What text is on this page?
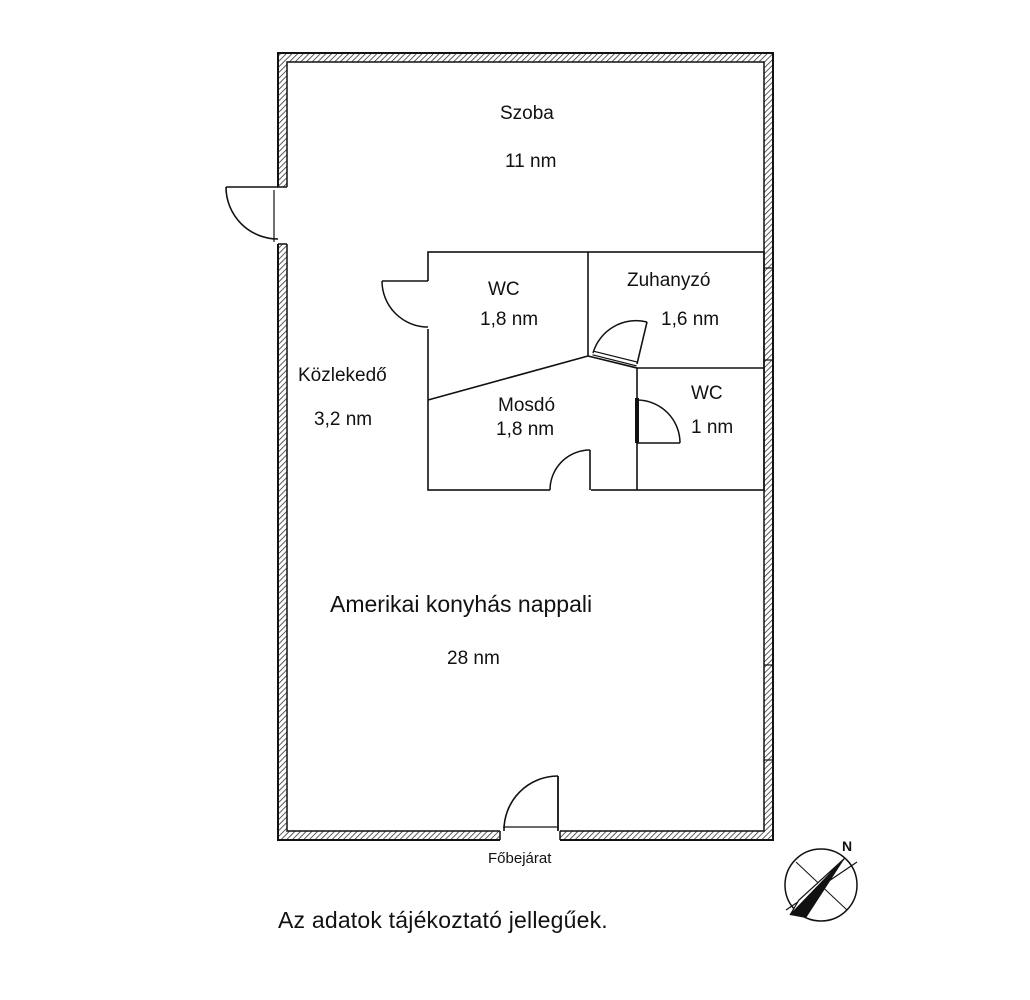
Szoba
11 nm
WC
1,8 nm
Zuhanyzó
1,6 nm
Közlekedő
3,2 nm
Mosdó
1,8 nm
WC
1 nm
Amerikai konyhás nappali
28 nm
Főbejárat
Az adatok tájékoztató jellegűek.
N
